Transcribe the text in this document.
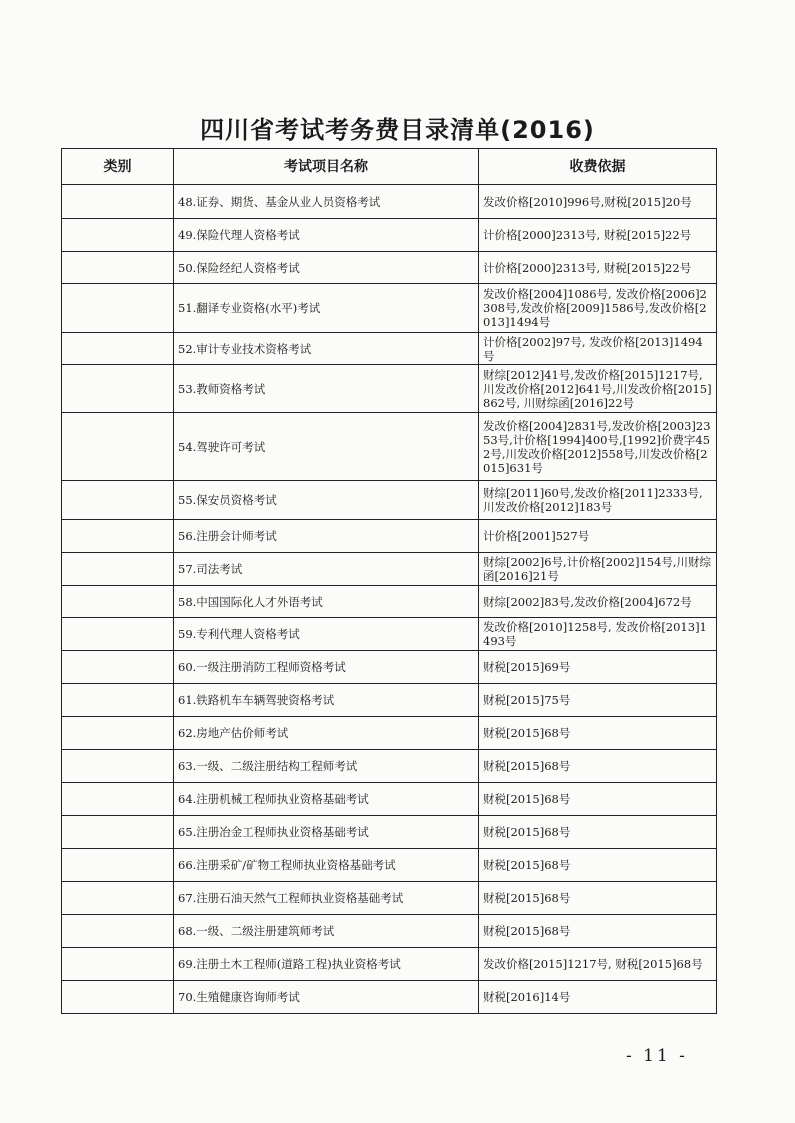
四川省考试考务费目录清单(2016)
类别	考试项目名称	收费依据
	48.证券、期货、基金从业人员资格考试	发改价格[2010]996号,财税[2015]20号
	49.保险代理人资格考试	计价格[2000]2313号, 财税[2015]22号
	50.保险经纪人资格考试	计价格[2000]2313号, 财税[2015]22号
	51.翻译专业资格(水平)考试	发改价格[2004]1086号, 发改价格[2006]2308号,发改价格[2009]1586号,发改价格[2013]1494号
	52.审计专业技术资格考试	计价格[2002]97号, 发改价格[2013]1494号
	53.教师资格考试	财综[2012]41号,发改价格[2015]1217号,川发改价格[2012]641号,川发改价格[2015]862号, 川财综函[2016]22号
	54.驾驶许可考试	发改价格[2004]2831号,发改价格[2003]2353号,计价格[1994]400号,[1992]价费字452号,川发改价格[2012]558号,川发改价格[2015]631号
	55.保安员资格考试	财综[2011]60号,发改价格[2011]2333号,川发改价格[2012]183号
	56.注册会计师考试	计价格[2001]527号
	57.司法考试	财综[2002]6号,计价格[2002]154号,川财综函[2016]21号
	58.中国国际化人才外语考试	财综[2002]83号,发改价格[2004]672号
	59.专利代理人资格考试	发改价格[2010]1258号, 发改价格[2013]1493号
	60.一级注册消防工程师资格考试	财税[2015]69号
	61.铁路机车车辆驾驶资格考试	财税[2015]75号
	62.房地产估价师考试	财税[2015]68号
	63.一级、二级注册结构工程师考试	财税[2015]68号
	64.注册机械工程师执业资格基础考试	财税[2015]68号
	65.注册冶金工程师执业资格基础考试	财税[2015]68号
	66.注册采矿/矿物工程师执业资格基础考试	财税[2015]68号
	67.注册石油天然气工程师执业资格基础考试	财税[2015]68号
	68.一级、二级注册建筑师考试	财税[2015]68号
	69.注册土木工程师(道路工程)执业资格考试	发改价格[2015]1217号, 财税[2015]68号
	70.生殖健康咨询师考试	财税[2016]14号
- 11 -
